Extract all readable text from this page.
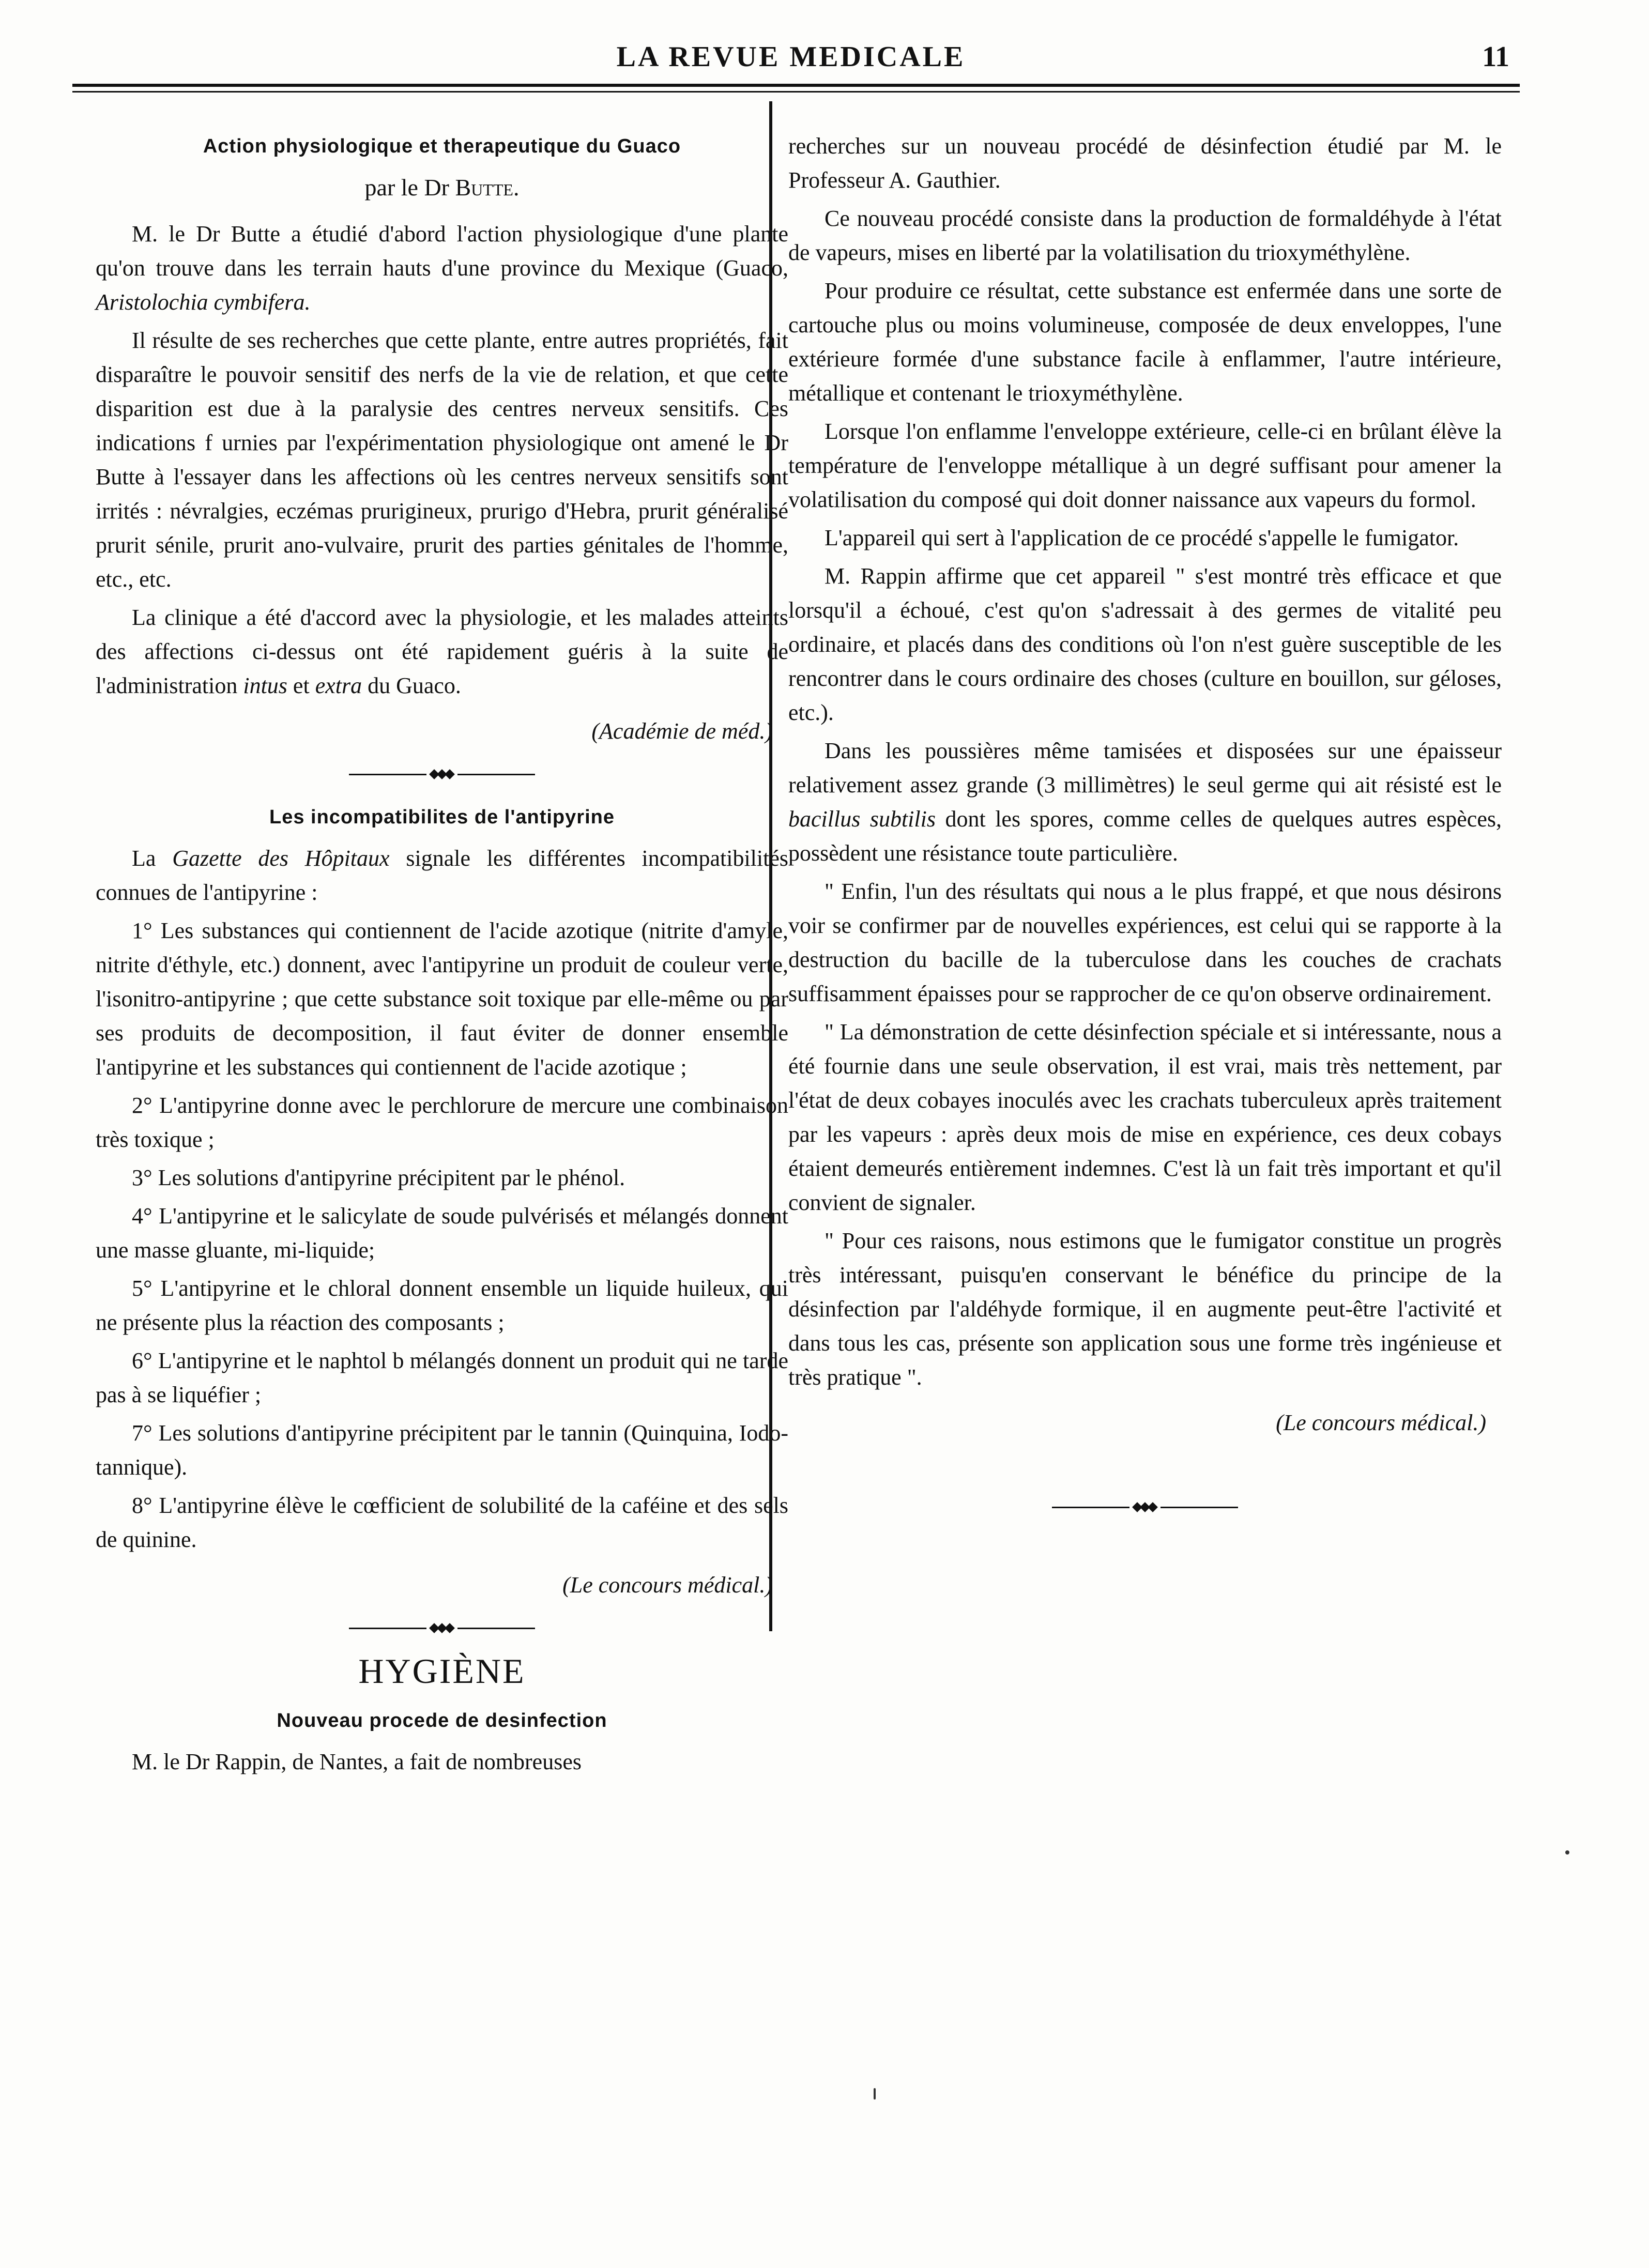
LA REVUE MEDICALE	11
Action physiologique et therapeutique du Guaco
par le Dr Butte.

M. le Dr Butte a étudié d'abord l'action physiologique d'une plante qu'on trouve dans les terrain hauts d'une province du Mexique (Guaco, Aristolochia cymbifera.

Il résulte de ses recherches que cette plante, entre autres propriétés, fait disparaître le pouvoir sensitif des nerfs de la vie de relation, et que cette disparition est due à la paralysie des centres nerveux sensitifs. Ces indications f urnies par l'expérimentation physiologique ont amené le Dr Butte à l'essayer dans les affections où les centres nerveux sensitifs sont irrités : névralgies, eczémas prurigineux, prurigo d'Hebra, prurit généralisé prurit sénile, prurit ano-vulvaire, prurit des parties génitales de l'homme, etc., etc.

La clinique a été d'accord avec la physiologie, et les malades atteints des affections ci-dessus ont été rapidement guéris à la suite de l'administration intus et extra du Guaco.

(Académie de méd.)
Les incompatibilites de l'antipyrine

La Gazette des Hôpitaux signale les différentes incompatibilités connues de l'antipyrine :

1° Les substances qui contiennent de l'acide azotique (nitrite d'amyle, nitrite d'éthyle, etc.) donnent, avec l'antipyrine un produit de couleur verte, l'isonitro-antipyrine ; que cette substance soit toxique par elle-même ou par ses produits de decomposition, il faut éviter de donner ensemble l'antipyrine et les substances qui contiennent de l'acide azotique ;

2° L'antipyrine donne avec le perchlorure de mercure une combinaison très toxique ;

3° Les solutions d'antipyrine précipitent par le phénol.

4° L'antipyrine et le salicylate de soude pulvérisés et mélangés donnent une masse gluante, mi-liquide;

5° L'antipyrine et le chloral donnent ensemble un liquide huileux, qui ne présente plus la réaction des composants ;

6° L'antipyrine et le naphtol b mélangés donnent un produit qui ne tarde pas à se liquéfier ;

7° Les solutions d'antipyrine précipitent par le tannin (Quinquina, Iodo-tannique).

8° L'antipyrine élève le cœfficient de solubilité de la caféine et des sels de quinine.

(Le concours médical.)
HYGIÈNE
Nouveau procede de desinfection

M. le Dr Rappin, de Nantes, a fait de nombreuses

recherches sur un nouveau procédé de désinfection étudié par M. le Professeur A. Gauthier.

Ce nouveau procédé consiste dans la production de formaldéhyde à l'état de vapeurs, mises en liberté par la volatilisation du trioxyméthylène.

Pour produire ce résultat, cette substance est enfermée dans une sorte de cartouche plus ou moins volumineuse, composée de deux enveloppes, l'une extérieure formée d'une substance facile à enflammer, l'autre intérieure, métallique et contenant le trioxyméthylène.

Lorsque l'on enflamme l'enveloppe extérieure, celle-ci en brûlant élève la température de l'enveloppe métallique à un degré suffisant pour amener la volatilisation du composé qui doit donner naissance aux vapeurs du formol.

L'appareil qui sert à l'application de ce procédé s'appelle le fumigator.

M. Rappin affirme que cet appareil " s'est montré très efficace et que lorsqu'il a échoué, c'est qu'on s'adressait à des germes de vitalité peu ordinaire, et placés dans des conditions où l'on n'est guère susceptible de les rencontrer dans le cours ordinaire des choses (culture en bouillon, sur géloses, etc.).

Dans les poussières même tamisées et disposées sur une épaisseur relativement assez grande (3 millimètres) le seul germe qui ait résisté est le bacillus subtilis dont les spores, comme celles de quelques autres espèces, possèdent une résistance toute particulière.

" Enfin, l'un des résultats qui nous a le plus frappé, et que nous désirons voir se confirmer par de nouvelles expériences, est celui qui se rapporte à la destruction du bacille de la tuberculose dans les couches de crachats suffisamment épaisses pour se rapprocher de ce qu'on observe ordinairement.

" La démonstration de cette désinfection spéciale et si intéressante, nous a été fournie dans une seule observation, il est vrai, mais très nettement, par l'état de deux cobayes inoculés avec les crachats tuberculeux après traitement par les vapeurs : après deux mois de mise en expérience, ces deux cobays étaient demeurés entièrement indemnes. C'est là un fait très important et qu'il convient de signaler.

" Pour ces raisons, nous estimons que le fumigator constitue un progrès très intéressant, puisqu'en conservant le bénéfice du principe de la désinfection par l'aldéhyde formique, il en augmente peut-être l'activité et dans tous les cas, présente son application sous une forme très ingénieuse et très pratique ".

(Le concours médical.)
